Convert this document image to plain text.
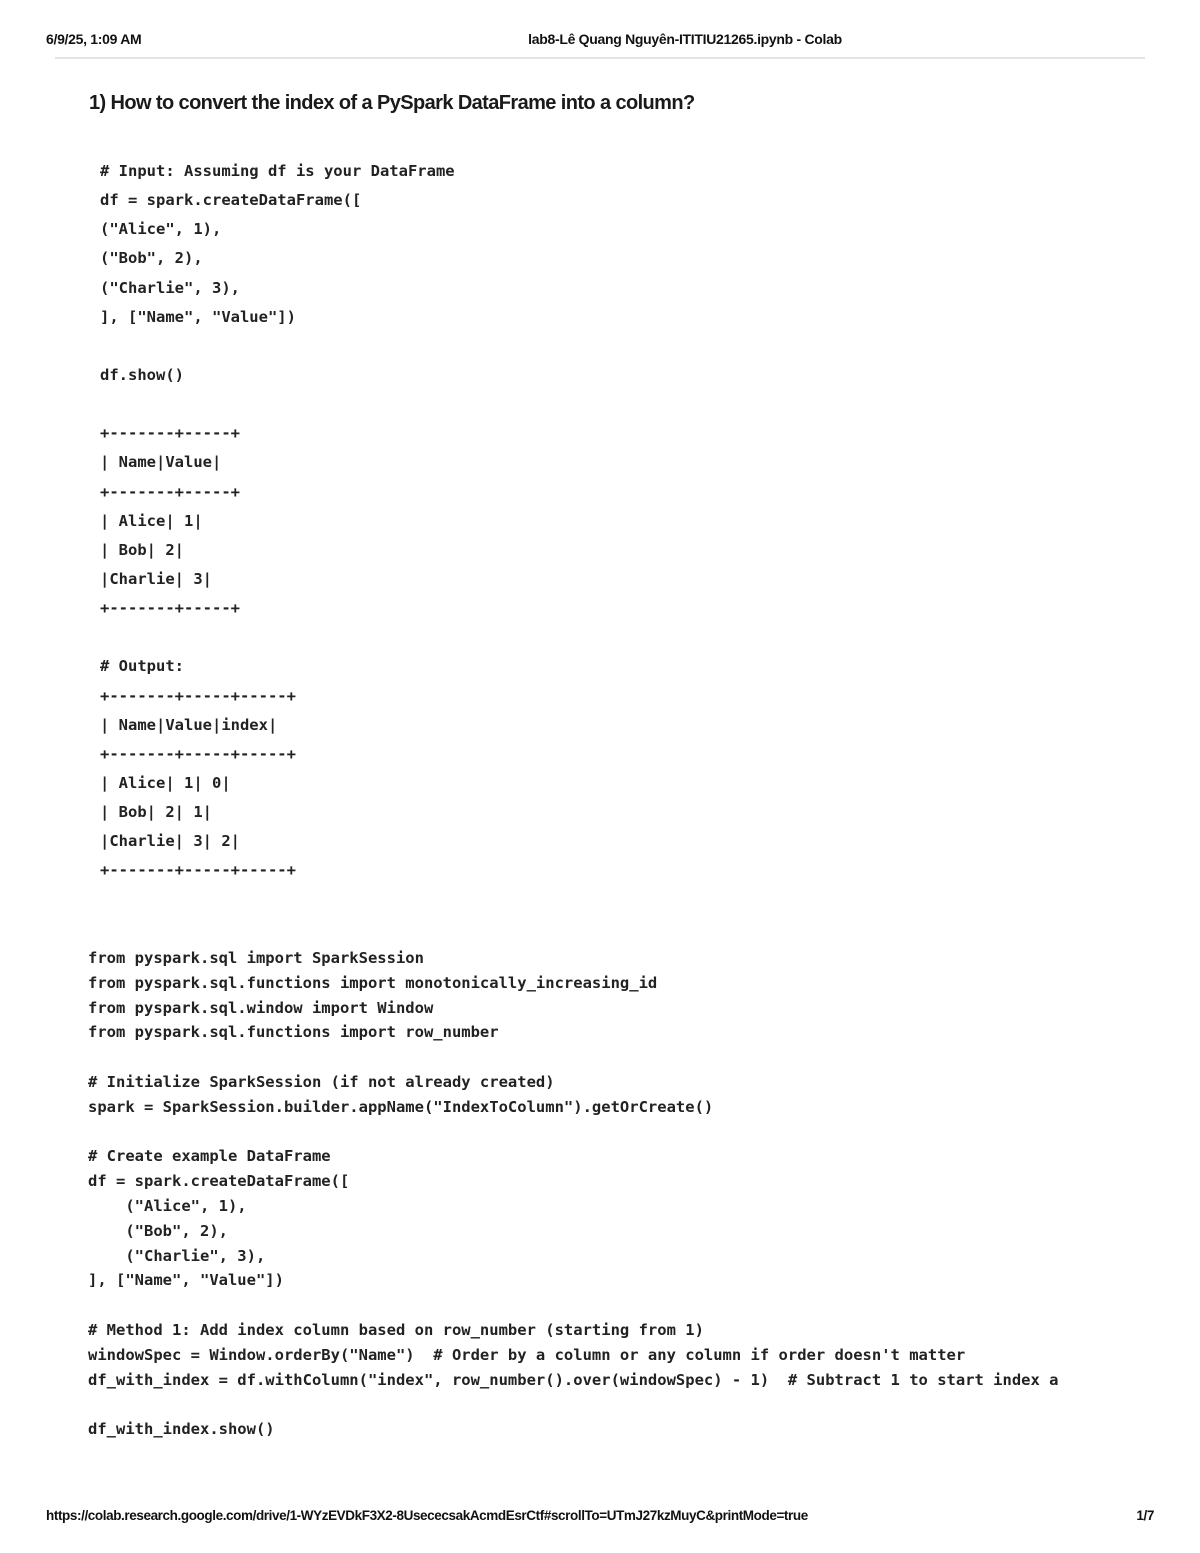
6/9/25, 1:09 AM	lab8-Lê Quang Nguyên-ITITIU21265.ipynb - Colab
1) How to convert the index of a PySpark DataFrame into a column?
# Input: Assuming df is your DataFrame
df = spark.createDataFrame([
("Alice", 1),
("Bob", 2),
("Charlie", 3),
], ["Name", "Value"])
df.show()
+-------+-----+
| Name|Value|
+-------+-----+
| Alice| 1|
| Bob| 2|
|Charlie| 3|
+-------+-----+
# Output:
+-------+-----+-----+
| Name|Value|index|
+-------+-----+-----+
| Alice| 1| 0|
| Bob| 2| 1|
|Charlie| 3| 2|
+-------+-----+-----+
from pyspark.sql import SparkSession
from pyspark.sql.functions import monotonically_increasing_id
from pyspark.sql.window import Window
from pyspark.sql.functions import row_number
# Initialize SparkSession (if not already created)
spark = SparkSession.builder.appName("IndexToColumn").getOrCreate()
# Create example DataFrame
df = spark.createDataFrame([
("Alice", 1),
("Bob", 2),
("Charlie", 3),
], ["Name", "Value"])
# Method 1: Add index column based on row_number (starting from 1)
windowSpec = Window.orderBy("Name")  # Order by a column or any column if order doesn't matter
df_with_index = df.withColumn("index", row_number().over(windowSpec) - 1)  # Subtract 1 to start index a
df_with_index.show()
https://colab.research.google.com/drive/1-WYzEVDkF3X2-8UsececsakAcmdEsrCtf#scrollTo=UTmJ27kzMuyC&printMode=true	1/7
